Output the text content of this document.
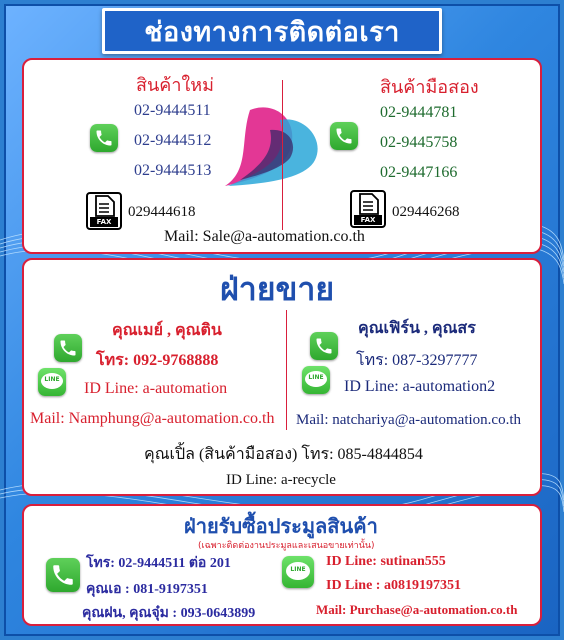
ช่องทางการติดต่อเรา
สินค้าใหม่
02-9444511
02-9444512
02-9444513
FAX
029444618
สินค้ามือสอง
02-9444781
02-9445758
02-9447166
FAX	029446268
Mail: Sale@a-automation.co.th
ฝ่ายขาย
คุณเมย์ , คุณติน
โทร: 092-9768888
LINE
ID Line: a-automation
Mail: Namphung@a-automation.co.th
คุณเฟิร์น , คุณสร
โทร: 087-3297777
LINE
ID Line: a-automation2
Mail: natchariya@a-automation.co.th
คุณเปิ้ล (สินค้ามือสอง) โทร: 085-4844854
ID Line: a-recycle
ฝ่ายรับซื้อประมูลสินค้า
(เฉพาะติดต่องานประมูลและเสนอขายเท่านั้น)
โทร: 02-9444511 ต่อ 201
คุณเอ : 081-9197351
คุณฝน, คุณจุ๋ม : 093-0643899
LINE
ID Line: sutinan555
ID Line : a0819197351
Mail: Purchase@a-automation.co.th
